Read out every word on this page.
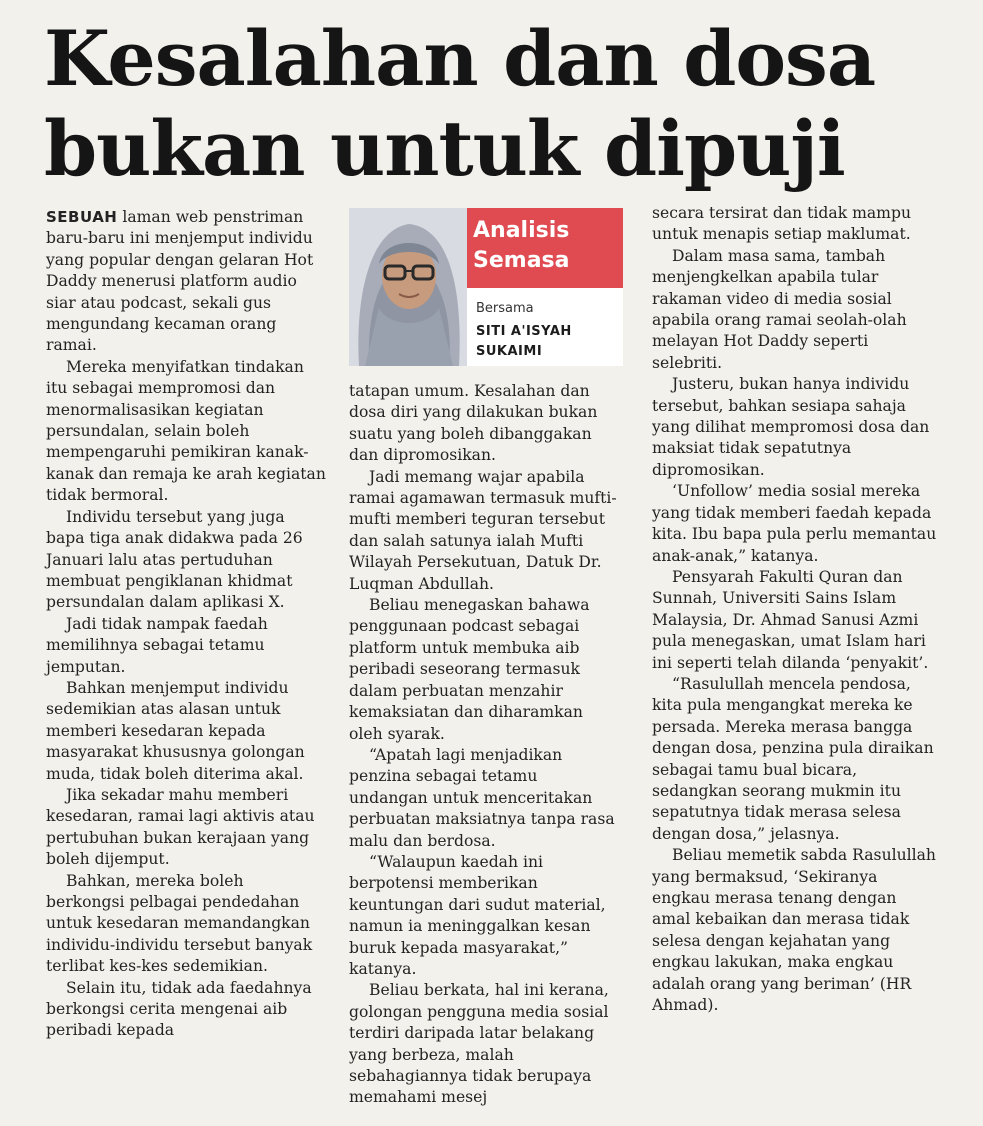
Kesalahan dan dosa
bukan untuk dipuji

SEBUAH laman web penstriman baru-baru ini menjemput individu yang popular dengan gelaran Hot Daddy menerusi platform audio siar atau podcast, sekali gus mengundang kecaman orang ramai.

Mereka menyifatkan tindakan itu sebagai mempromosi dan menormalisasikan kegiatan persundalan, selain boleh mempengaruhi pemikiran kanak-kanak dan remaja ke arah kegiatan tidak bermoral.

Individu tersebut yang juga bapa tiga anak didakwa pada 26 Januari lalu atas pertuduhan membuat pengiklanan khidmat persundalan dalam aplikasi X.

Jadi tidak nampak faedah memilihnya sebagai tetamu jemputan.

Bahkan menjemput individu sedemikian atas alasan untuk memberi kesedaran kepada masyarakat khususnya golongan muda, tidak boleh diterima akal.

Jika sekadar mahu memberi kesedaran, ramai lagi aktivis atau pertubuhan bukan kerajaan yang boleh dijemput.

Bahkan, mereka boleh berkongsi pelbagai pendedahan untuk kesedaran memandangkan individu-individu tersebut banyak terlibat kes-kes sedemikian.

Selain itu, tidak ada faedahnya berkongsi cerita mengenai aib peribadi kepada

Analisis
Semasa
Bersama
SITI A'ISYAH
SUKAIMI

tatapan umum. Kesalahan dan dosa diri yang dilakukan bukan suatu yang boleh dibanggakan dan dipromosikan.

Jadi memang wajar apabila ramai agamawan termasuk mufti-mufti memberi teguran tersebut dan salah satunya ialah Mufti Wilayah Persekutuan, Datuk Dr. Luqman Abdullah.

Beliau menegaskan bahawa penggunaan podcast sebagai platform untuk membuka aib peribadi seseorang termasuk dalam perbuatan menzahir kemaksiatan dan diharamkan oleh syarak.

“Apatah lagi menjadikan penzina sebagai tetamu undangan untuk menceritakan perbuatan maksiatnya tanpa rasa malu dan berdosa.

“Walaupun kaedah ini berpotensi memberikan keuntungan dari sudut material, namun ia meninggalkan kesan buruk kepada masyarakat,” katanya.

Beliau berkata, hal ini kerana, golongan pengguna media sosial terdiri daripada latar belakang yang berbeza, malah sebahagiannya tidak berupaya memahami mesej

secara tersirat dan tidak mampu untuk menapis setiap maklumat.

Dalam masa sama, tambah menjengkelkan apabila tular rakaman video di media sosial apabila orang ramai seolah-olah melayan Hot Daddy seperti selebriti.

Justeru, bukan hanya individu tersebut, bahkan sesiapa sahaja yang dilihat mempromosi dosa dan maksiat tidak sepatutnya dipromosikan.

‘Unfollow’ media sosial mereka yang tidak memberi faedah kepada kita. Ibu bapa pula perlu memantau anak-anak,” katanya.

Pensyarah Fakulti Quran dan Sunnah, Universiti Sains Islam Malaysia, Dr. Ahmad Sanusi Azmi pula menegaskan, umat Islam hari ini seperti telah dilanda ‘penyakit’.

“Rasulullah mencela pendosa, kita pula mengangkat mereka ke persada. Mereka merasa bangga dengan dosa, penzina pula diraikan sebagai tamu bual bicara, sedangkan seorang mukmin itu sepatutnya tidak merasa selesa dengan dosa,” jelasnya.

Beliau memetik sabda Rasulullah yang bermaksud, ‘Sekiranya engkau merasa tenang dengan amal kebaikan dan merasa tidak selesa dengan kejahatan yang engkau lakukan, maka engkau adalah orang yang beriman’ (HR Ahmad).
